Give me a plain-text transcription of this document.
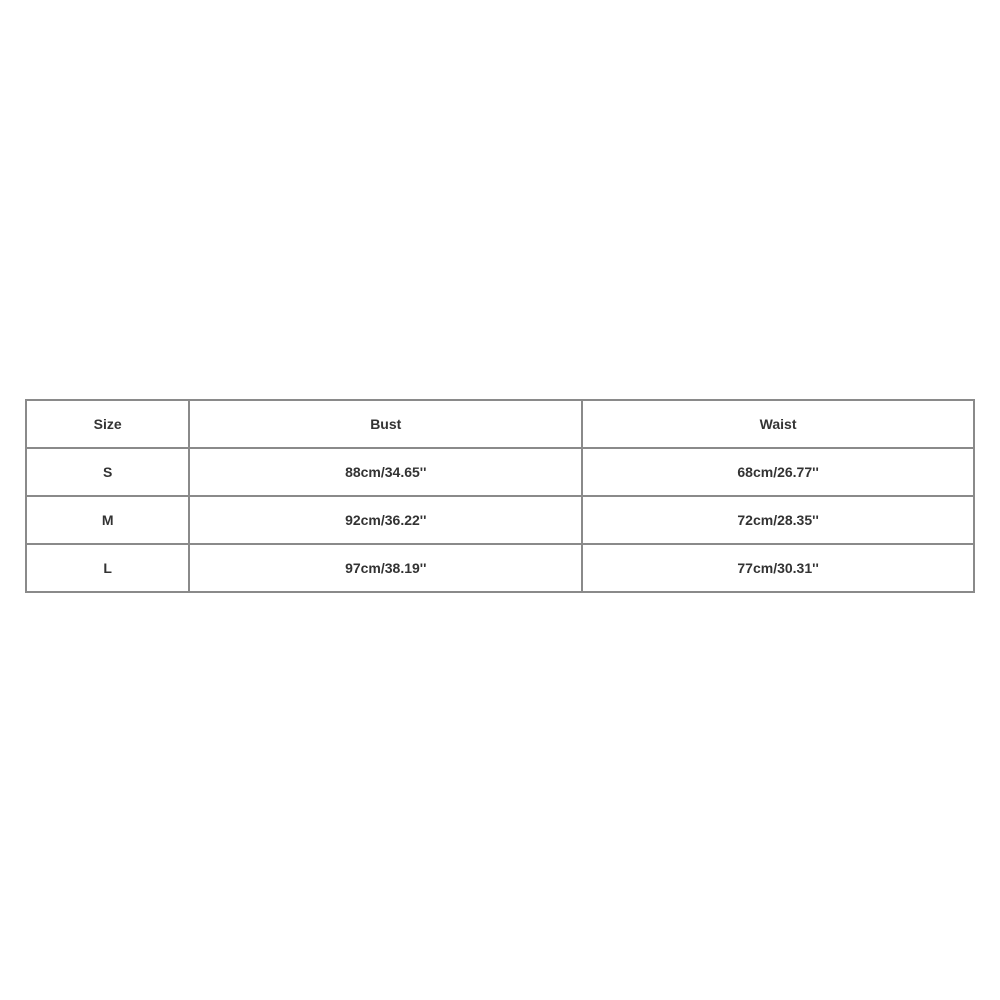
Size	Bust	Waist
S	88cm/34.65''	68cm/26.77''
M	92cm/36.22''	72cm/28.35''
L	97cm/38.19''	77cm/30.31''
